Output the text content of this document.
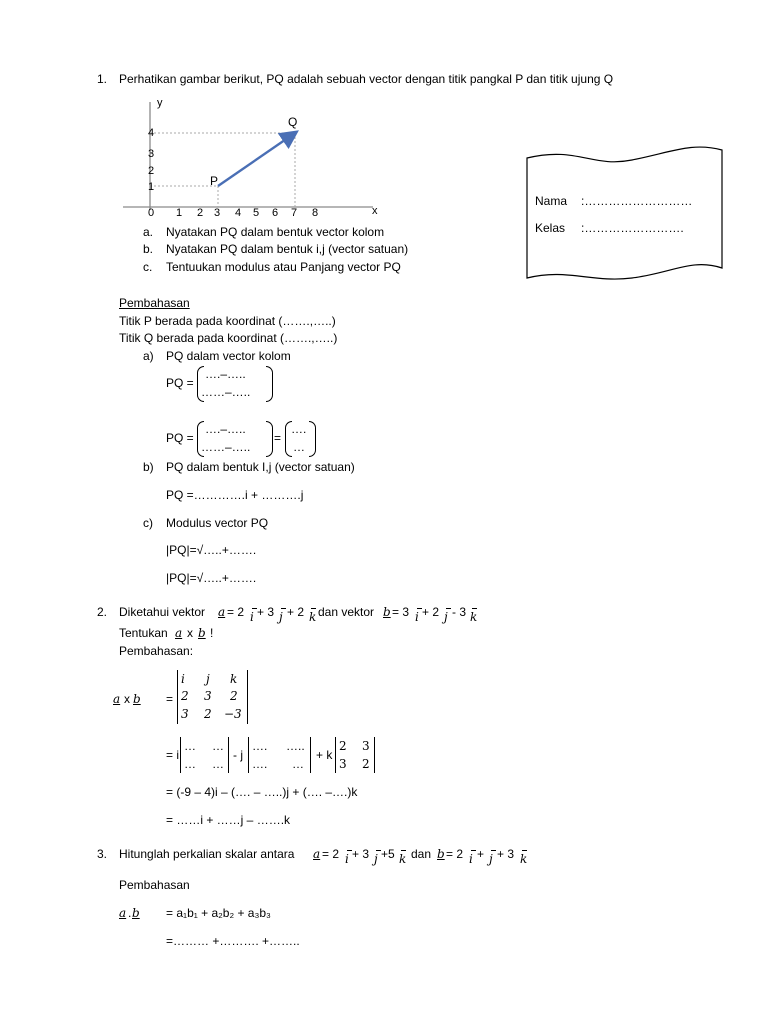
1. Perhatikan gambar berikut, PQ adalah sebuah vector dengan titik pangkal P dan titik ujung Q
y
x
4
3
2
1
0 1 2 3 4 5 6 7 8
P
Q
Nama :………………………
Kelas :…………………….
a. Nyatakan PQ dalam bentuk vector kolom
b. Nyatakan PQ dalam bentuk i,j (vector satuan)
c. Tentuukan modulus atau Panjang vector PQ
Pembahasan
Titik P berada pada koordinat (…….,…..)
Titik Q berada pada koordinat (…….,…..)
a) PQ dalam vector kolom
PQ =
….–…..
……–…..
PQ =
….–…..
……–…..
=
….
…
b) PQ dalam bentuk I,j (vector satuan)
PQ =………….i + ……….j
c) Modulus vector PQ
|PQ|=√…..+…….
|PQ|=√…..+…….
2. Diketahui vektor a = 2 i + 3 j + 2 k dan vektor b = 3 i + 2 j - 3 k
Tentukan a x b !
Pembahasan:
a x b =
i j k
2 3 2
3 2 −3
= i
… …
… …
- j
…. …..
…. …
+ k
2 3
3 2
= (-9 – 4)i – (…. – …..)j + (…. –….)k
= ……i + ……j – …….k
3. Hitunglah perkalian skalar antara a = 2 i + 3 j +5 k dan b = 2 i + j + 3 k
Pembahasan
a . b = a₁b₁ + a₂b₂ + a₃b₃
=……… +………. +……..
